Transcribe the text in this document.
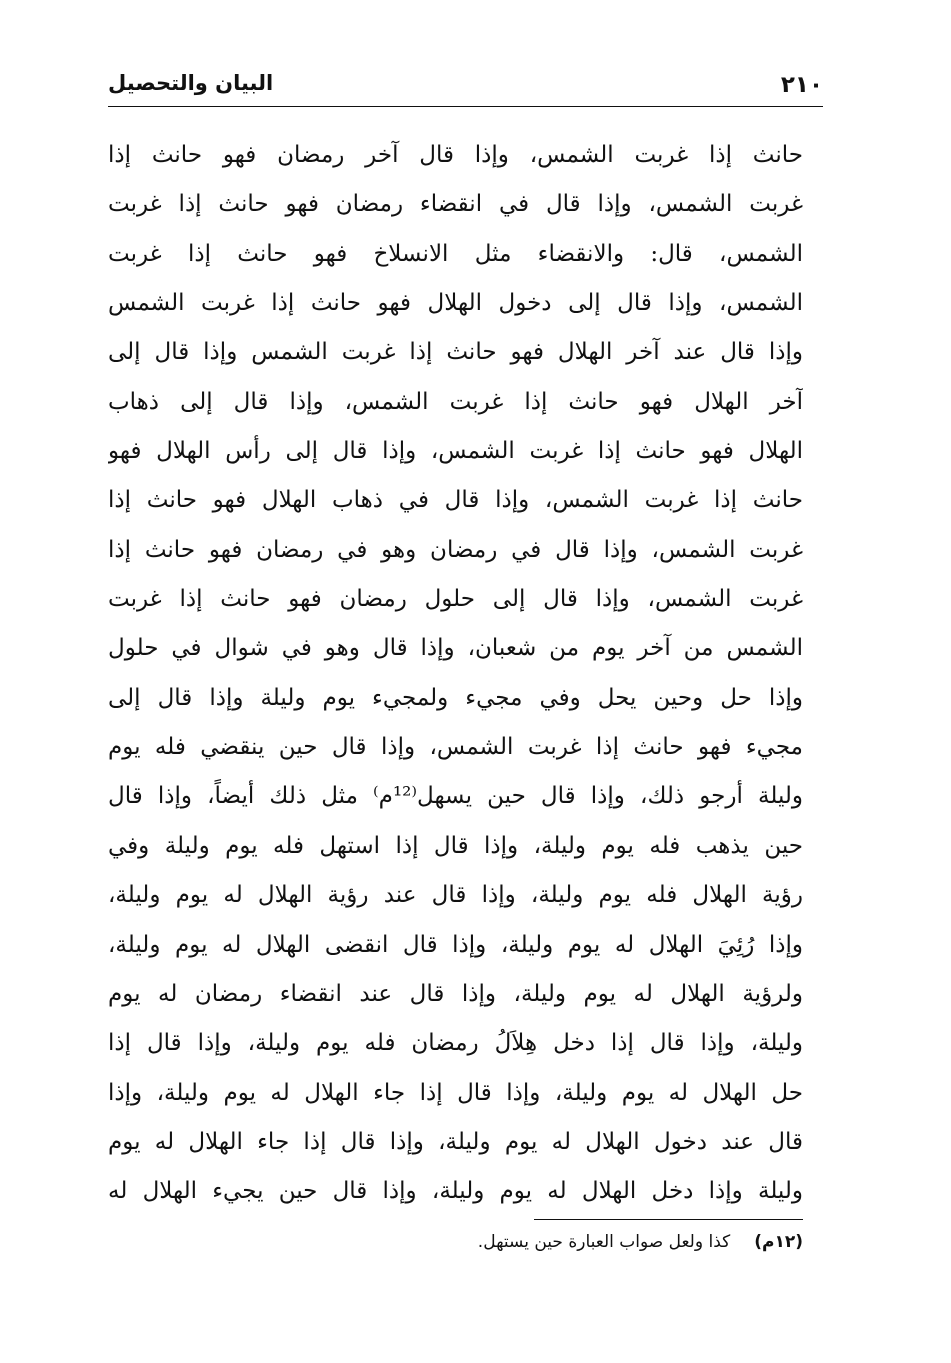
٢١٠
البيان والتحصيل
حانث إذا غربت الشمس، وإذا قال آخر رمضان فهو حانث إذا
غربت الشمس، وإذا قال في انقضاء رمضان فهو حانث إذا غربت
الشمس، قال: والانقضاء مثل الانسلاخ فهو حانث إذا غربت
الشمس، وإذا قال إلى دخول الهلال فهو حانث إذا غربت الشمس
وإذا قال عند آخر الهلال فهو حانث إذا غربت الشمس وإذا قال إلى
آخر الهلال فهو حانث إذا غربت الشمس، وإذا قال إلى ذهاب
الهلال فهو حانث إذا غربت الشمس، وإذا قال إلى رأس الهلال فهو
حانث إذا غربت الشمس، وإذا قال في ذهاب الهلال فهو حانث إذا
غربت الشمس، وإذا قال في رمضان وهو في رمضان فهو حانث إذا
غربت الشمس، وإذا قال إلى حلول رمضان فهو حانث إذا غربت
الشمس من آخر يوم من شعبان، وإذا قال وهو في شوال في حلول
وإذا حل وحين يحل وفي مجيء ولمجيء يوم وليلة وإذا قال إلى
مجيء فهو حانث إذا غربت الشمس، وإذا قال حين ينقضي فله يوم
وليلة أرجو ذلك، وإذا قال حين يسهل⁽¹²م⁾ مثل ذلك أيضاً، وإذا قال
حين يذهب فله يوم وليلة، وإذا قال إذا استهل فله يوم وليلة وفي
رؤية الهلال فله يوم وليلة، وإذا قال عند رؤية الهلال له يوم وليلة،
وإذا رُئِيَ الهلال له يوم وليلة، وإذا قال انقضى الهلال له يوم وليلة،
ولرؤية الهلال له يوم وليلة، وإذا قال عند انقضاء رمضان له يوم
وليلة، وإذا قال إذا دخل هِلاَلُ رمضان فله يوم وليلة، وإذا قال إذا
حل الهلال له يوم وليلة، وإذا قال إذا جاء الهلال له يوم وليلة، وإذا
قال عند دخول الهلال له يوم وليلة، وإذا قال إذا جاء الهلال له يوم
وليلة وإذا دخل الهلال له يوم وليلة، وإذا قال حين يجيء الهلال له
(١٢م)كذا ولعل صواب العبارة حين يستهل.
